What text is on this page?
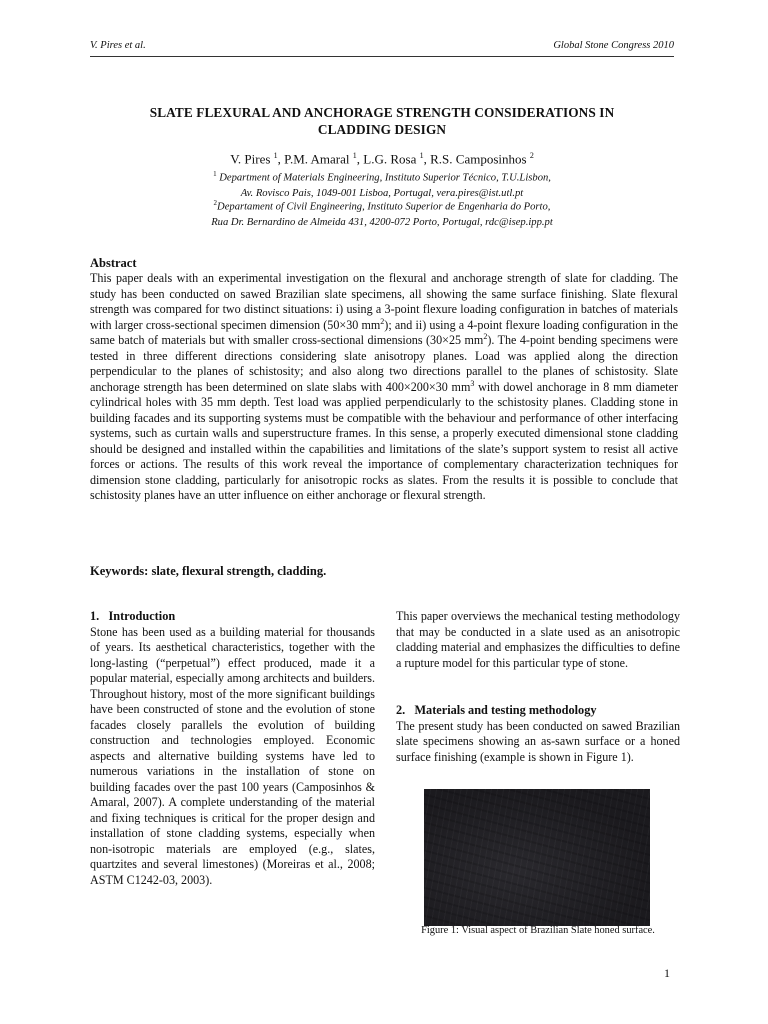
V. Pires et al.	Global Stone Congress 2010
SLATE FLEXURAL AND ANCHORAGE STRENGTH CONSIDERATIONS IN
CLADDING DESIGN
V. Pires $^1$, P.M. Amaral $^1$, L.G. Rosa $^1$, R.S. Camposinhos $^2$
$^1$ Department of Materials Engineering, Instituto Superior Técnico, T.U.Lisbon,
Av. Rovisco Pais, 1049-001 Lisboa, Portugal, vera.pires@ist.utl.pt
$^2$Departament of Civil Engineering, Instituto Superior de Engenharia do Porto,
Rua Dr. Bernardino de Almeida 431, 4200-072 Porto, Portugal, rdc@isep.ipp.pt
Abstract
This paper deals with an experimental investigation on the flexural and anchorage strength of slate for cladding. The study has been conducted on sawed Brazilian slate specimens, all showing the same surface finishing. Slate flexural strength was compared for two distinct situations: i) using a 3-point flexure loading configuration in batches of materials with larger cross-sectional specimen dimension (50×30 $mm^2$); and ii) using a 4-point flexure loading configuration in the same batch of materials but with smaller cross-sectional dimensions (30×25 $mm^2$). The 4-point bending specimens were tested in three different directions considering slate anisotropy planes. Load was applied along the direction perpendicular to the planes of schistosity; and also along two directions parallel to the planes of schistosity. Slate anchorage strength has been determined on slate slabs with 400×200×30 $mm^3$ with dowel anchorage in 8 mm diameter cylindrical holes with 35 mm depth. Test load was applied perpendicularly to the schistosity planes. Cladding stone in building facades and its supporting systems must be compatible with the behaviour and performance of other interfacing systems, such as curtain walls and superstructure frames. In this sense, a properly executed dimensional stone cladding should be designed and installed within the capabilities and limitations of the slate’s support system to resist all active forces or actions. The results of this work reveal the importance of complementary characterization techniques for dimension stone cladding, particularly for anisotropic rocks as slates. From the results it is possible to conclude that schistosity planes have an utter influence on either anchorage or flexural strength.
Keywords: slate, flexural strength, cladding.
1.   Introduction
Stone has been used as a building material for thousands of years. Its aesthetical characteristics, together with the long-lasting (“perpetual”) effect produced, made it a popular material, especially among architects and builders. Throughout history, most of the more significant buildings have been constructed of stone and the evolution of stone facades closely parallels the evolution of building construction and technologies employed. Economic aspects and alternative building systems have led to numerous variations in the installation of stone on building facades over the past 100 years (Camposinhos & Amaral, 2007). A complete understanding of the material and fixing techniques is critical for the proper design and installation of stone cladding systems, especially when non-isotropic materials are employed (e.g., slates, quartzites and several limestones) (Moreiras et al., 2008; ASTM C1242-03, 2003).
This paper overviews the mechanical testing methodology that may be conducted in a slate used as an anisotropic cladding material and emphasizes the difficulties to define a rupture model for this particular type of stone.
2.   Materials and testing methodology
The present study has been conducted on sawed Brazilian slate specimens showing an as-sawn surface or a honed surface finishing (example is shown in Figure 1).
Figure 1: Visual aspect of Brazilian Slate honed surface.
1
